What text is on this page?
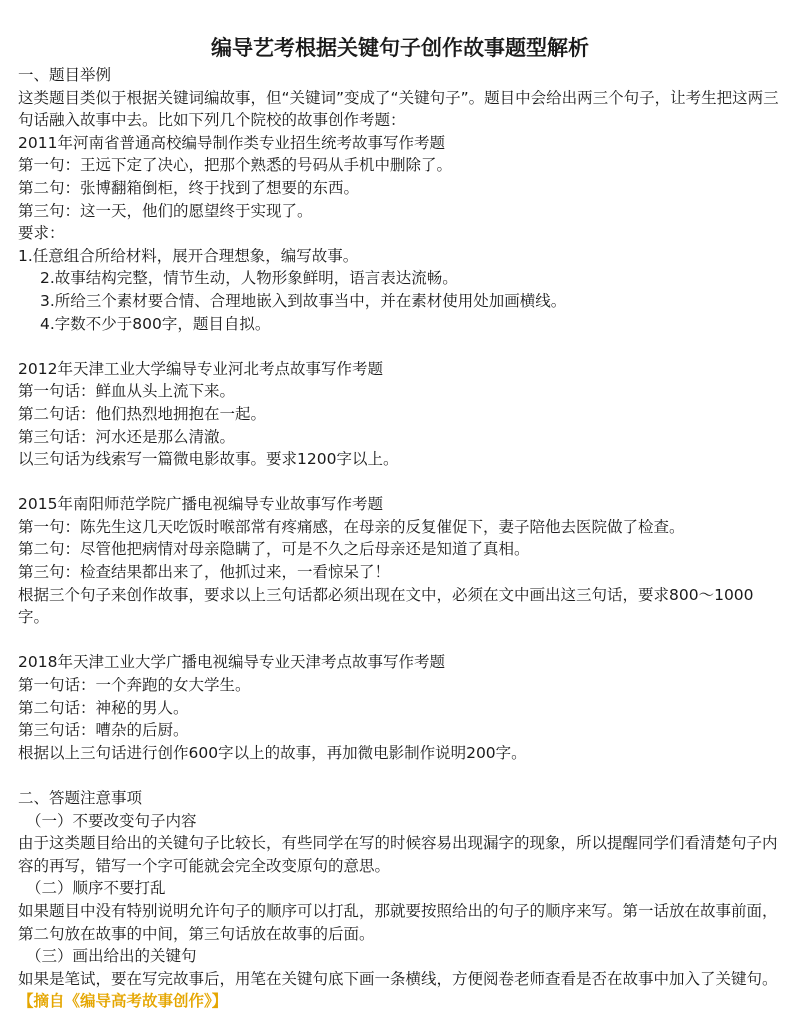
编导艺考根据关键句子创作故事题型解析

一、题目举例

这类题目类似于根据关键词编故事，但“关键词”变成了“关键句子”。题目中会给出两三个句子，让考生把这两三句话融入故事中去。比如下列几个院校的故事创作考题：

2011年河南省普通高校编导制作类专业招生统考故事写作考题

第一句：王远下定了决心，把那个熟悉的号码从手机中删除了。

第二句：张博翻箱倒柜，终于找到了想要的东西。

第三句：这一天，他们的愿望终于实现了。

要求：

1.任意组合所给材料，展开合理想象，编写故事。

2.故事结构完整，情节生动，人物形象鲜明，语言表达流畅。

3.所给三个素材要合情、合理地嵌入到故事当中，并在素材使用处加画横线。

4.字数不少于800字，题目自拟。

2012年天津工业大学编导专业河北考点故事写作考题

第一句话：鲜血从头上流下来。

第二句话：他们热烈地拥抱在一起。

第三句话：河水还是那么清澈。

以三句话为线索写一篇微电影故事。要求1200字以上。

2015年南阳师范学院广播电视编导专业故事写作考题

第一句：陈先生这几天吃饭时喉部常有疼痛感，在母亲的反复催促下，妻子陪他去医院做了检查。

第二句：尽管他把病情对母亲隐瞒了，可是不久之后母亲还是知道了真相。

第三句：检查结果都出来了，他抓过来，一看惊呆了！

根据三个句子来创作故事，要求以上三句话都必须出现在文中，必须在文中画出这三句话，要求800～1000字。

2018年天津工业大学广播电视编导专业天津考点故事写作考题

第一句话：一个奔跑的女大学生。

第二句话：神秘的男人。

第三句话：嘈杂的后厨。

根据以上三句话进行创作600字以上的故事，再加微电影制作说明200字。

二、答题注意事项

（一）不要改变句子内容

由于这类题目给出的关键句子比较长，有些同学在写的时候容易出现漏字的现象，所以提醒同学们看清楚句子内容的再写，错写一个字可能就会完全改变原句的意思。

（二）顺序不要打乱

如果题目中没有特别说明允许句子的顺序可以打乱，那就要按照给出的句子的顺序来写。第一话放在故事前面，第二句放在故事的中间，第三句话放在故事的后面。

（三）画出给出的关键句

如果是笔试，要在写完故事后，用笔在关键句底下画一条横线，方便阅卷老师查看是否在故事中加入了关键句。【摘自《编导高考故事创作》】
